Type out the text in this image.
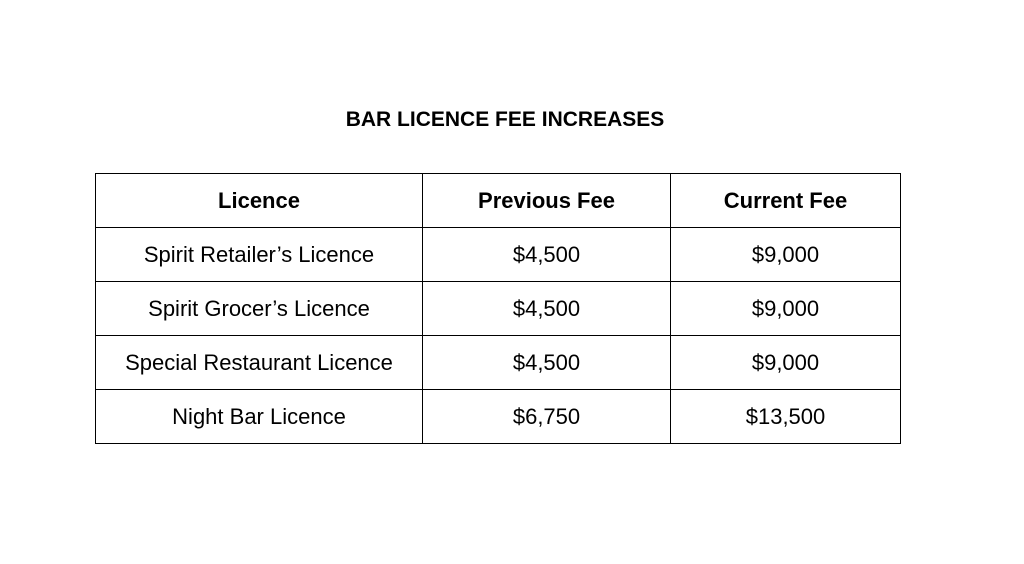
BAR LICENCE FEE INCREASES
Licence	Previous Fee	Current Fee
Spirit Retailer’s Licence	$4,500	$9,000
Spirit Grocer’s Licence	$4,500	$9,000
Special Restaurant Licence	$4,500	$9,000
Night Bar Licence	$6,750	$13,500
